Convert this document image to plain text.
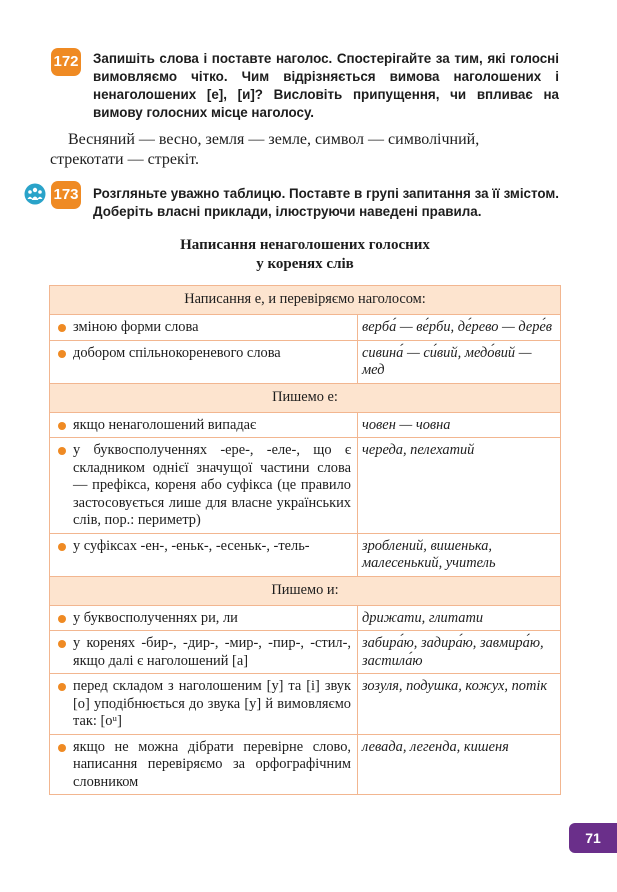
172 Запишіть слова і поставте наголос. Спостерігайте за тим, які голосні вимовляємо чітко. Чим відрізняється вимова наголошених і ненаголошених [е], [и]? Висловіть припущення, чи впливає на вимову голосних місце наголосу.
Весняний — весно, земля — земле, символ — символічний,
стрекотати — стрекіт.
173 Розгляньте уважно таблицю. Поставте в групі запитання за її змістом. Доберіть власні приклади, ілюструючи наведені правила.
Написання ненаголошених голосних
у коренях слів
Написання е, и перевіряємо наголосом:	

зміною форми слова	верба́ — ве́рби, де́рево — дере́в

добором спільнокореневого слова	сивина́ — си́вий, медо́вий — мед
Пишемо е:	

якщо ненаголошений випадає	човен — човна

у буквосполученнях -ере-, -еле-, що є складником однієї значущої частини слова — префікса, кореня або суфікса (це правило застосовується лише для власне українських слів, пор.: периметр)	череда, пелехатий

у суфіксах -ен-, -еньк-, -есеньк-, -тель-	зроблений, вишенька, малесенький, учитель
Пишемо и:	

у буквосполученнях ри, ли	дрижати, глитати

у коренях -бир-, -дир-, -мир-, -пир-, -стил-, якщо далі є наголошений [а]	забира́ю, задира́ю, завмира́ю, застила́ю

перед складом з наголошеним [у] та [і] звук [о] уподібнюється до звука [у] й вимовляємо так: [оᵘ]	зозуля, подушка, кожух, потік

якщо не можна дібрати перевірне слово, написання перевіряємо за орфографічним словником	левада, легенда, кишеня
71
